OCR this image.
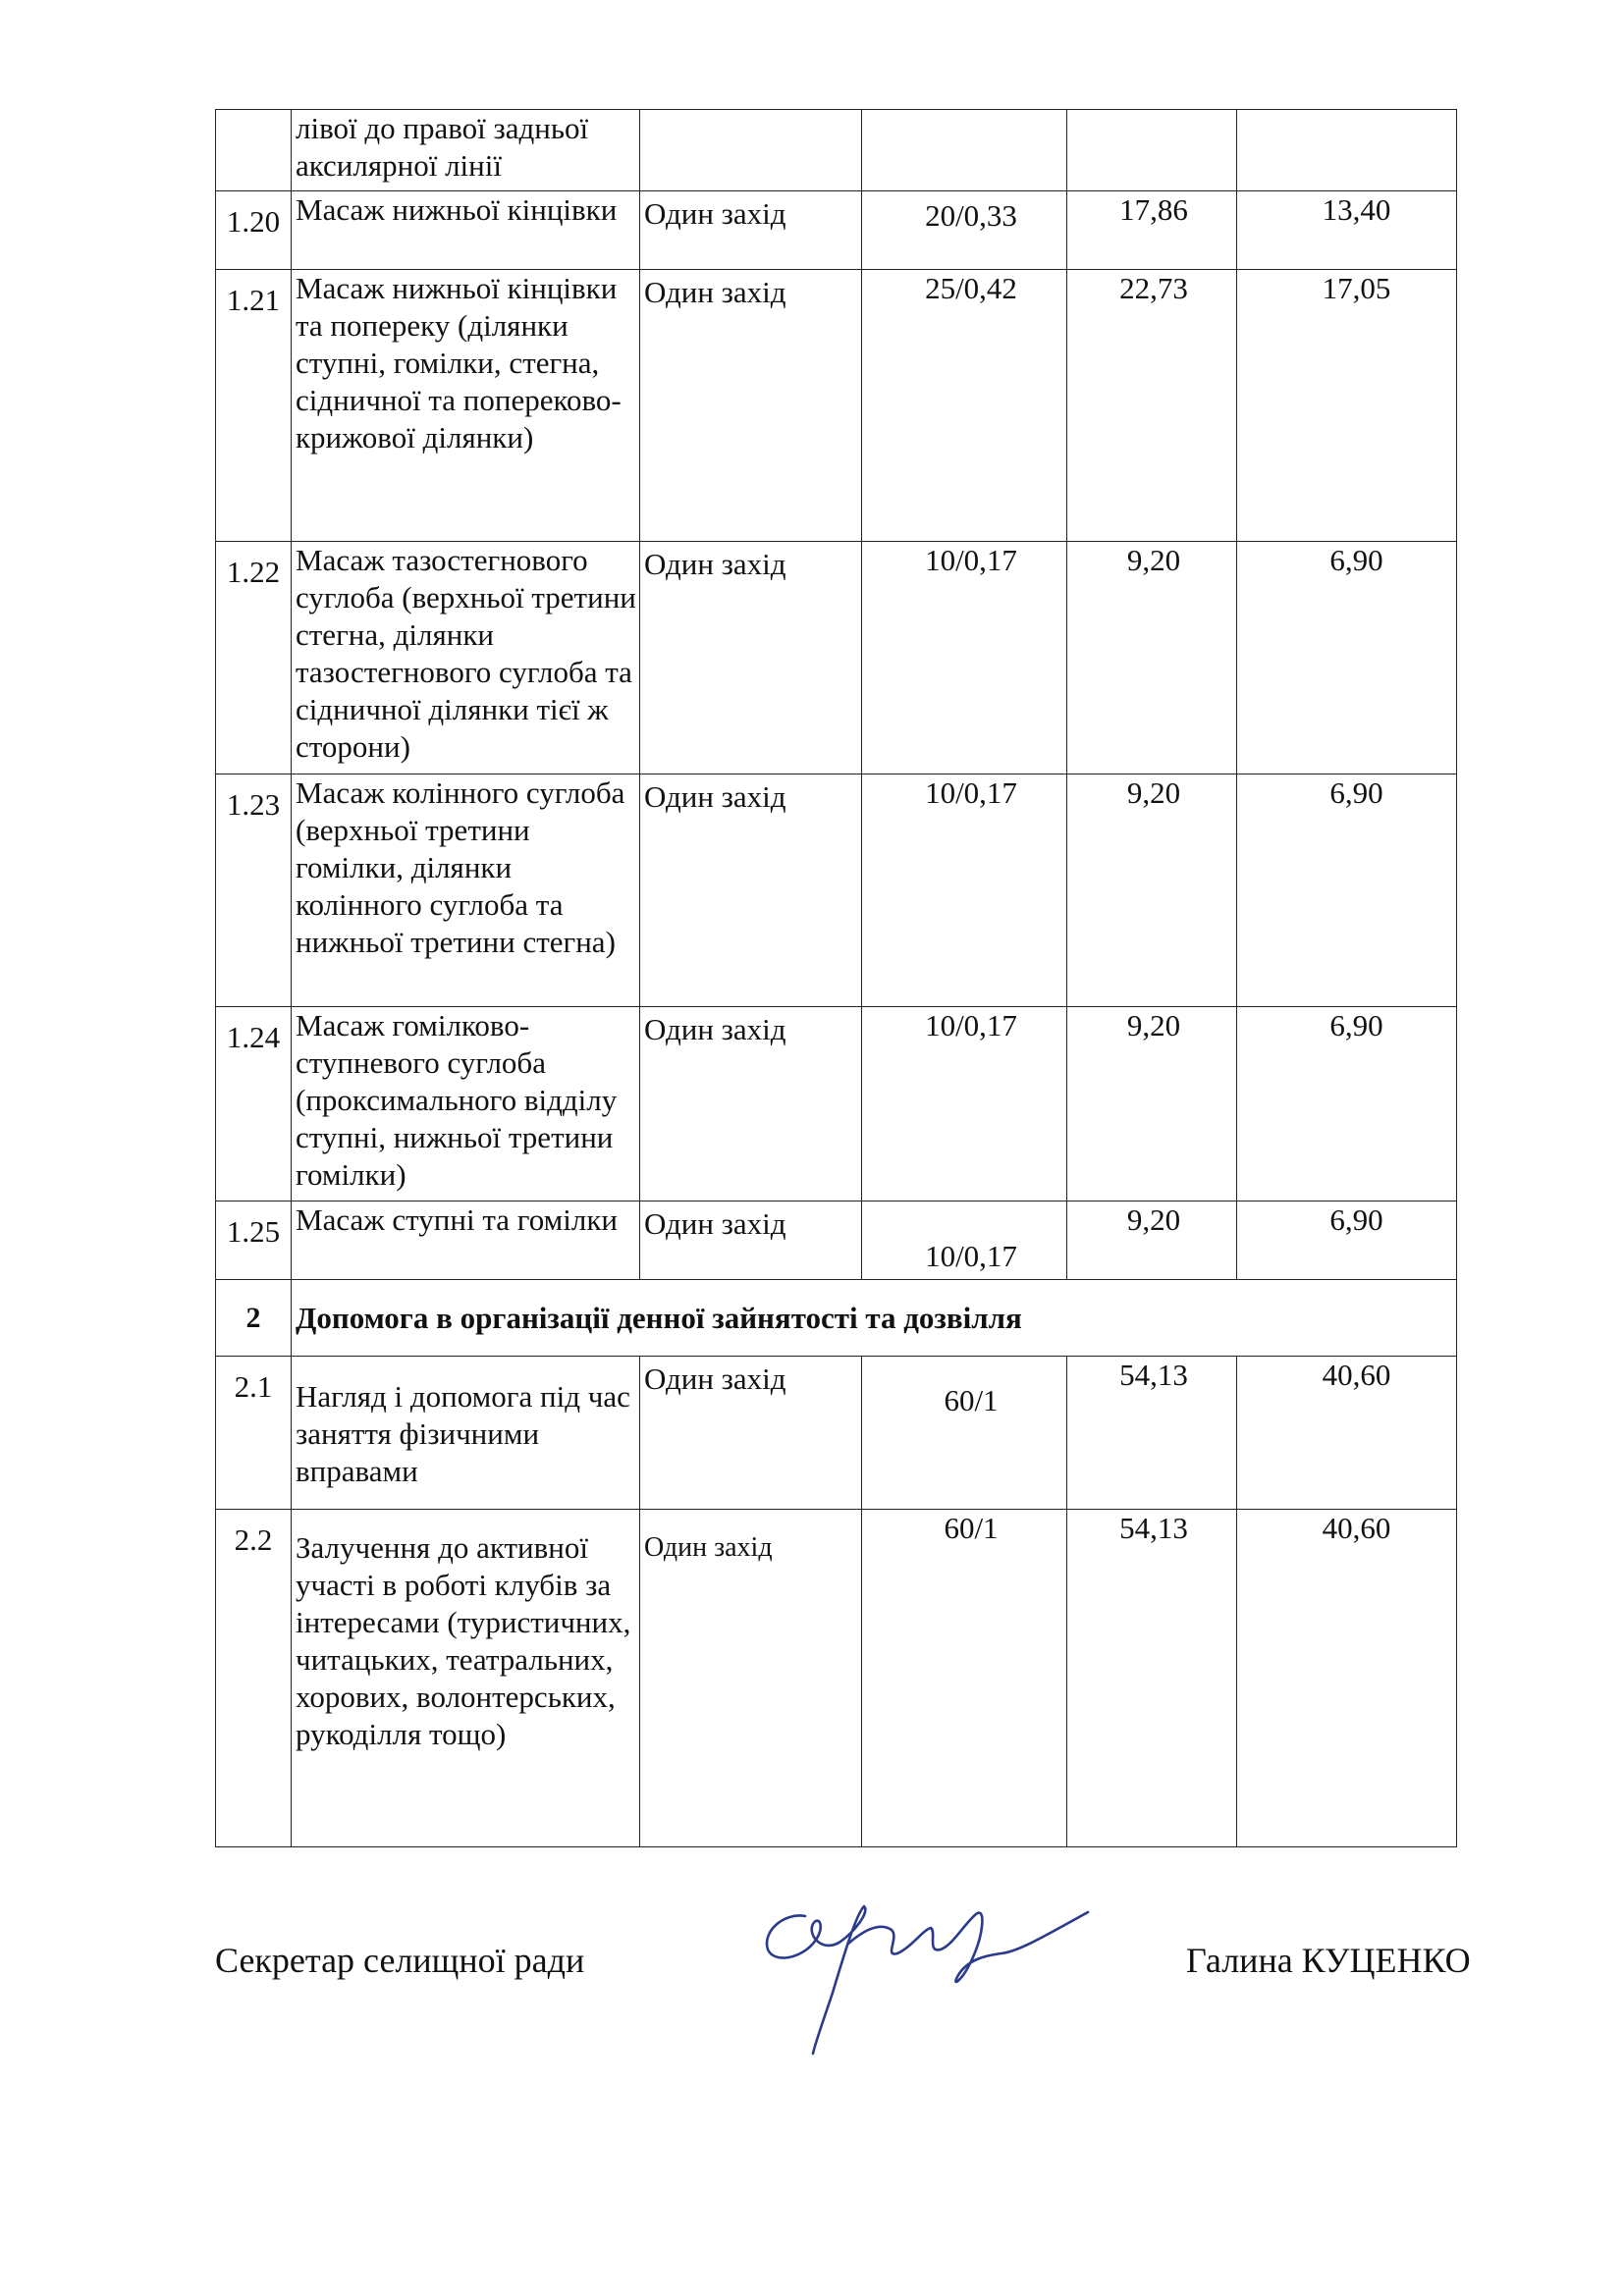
	лівої до правої задньої аксилярної лінії				
1.20	Масаж нижньої кінцівки	Один захід	20/0,33	17,86	13,40
1.21	Масаж нижньої кінцівки та попереку (ділянки ступні, гомілки, стегна, сідничної та попереково-крижової ділянки)	Один захід	25/0,42	22,73	17,05
1.22	Масаж тазостегнового суглоба (верхньої третини стегна, ділянки тазостегнового суглоба та сідничної ділянки тієї ж сторони)	Один захід	10/0,17	9,20	6,90
1.23	Масаж колінного суглоба (верхньої третини гомілки, ділянки колінного суглоба та нижньої третини стегна)	Один захід	10/0,17	9,20	6,90
1.24	Масаж гомілково-ступневого суглоба (проксимального відділу ступні, нижньої третини гомілки)	Один захід	10/0,17	9,20	6,90
1.25	Масаж ступні та гомілки	Один захід	10/0,17	9,20	6,90
2	Допомога в організації денної зайнятості та дозвілля				
2.1	Нагляд і допомога під час заняття фізичними вправами	Один захід	60/1	54,13	40,60
2.2	Залучення до активної участі в роботі клубів за інтересами (туристичних, читацьких, театральних, хорових, волонтерських, рукоділля тощо)	Один захід	60/1	54,13	40,60
Секретар селищної ради	Галина КУЦЕНКО
